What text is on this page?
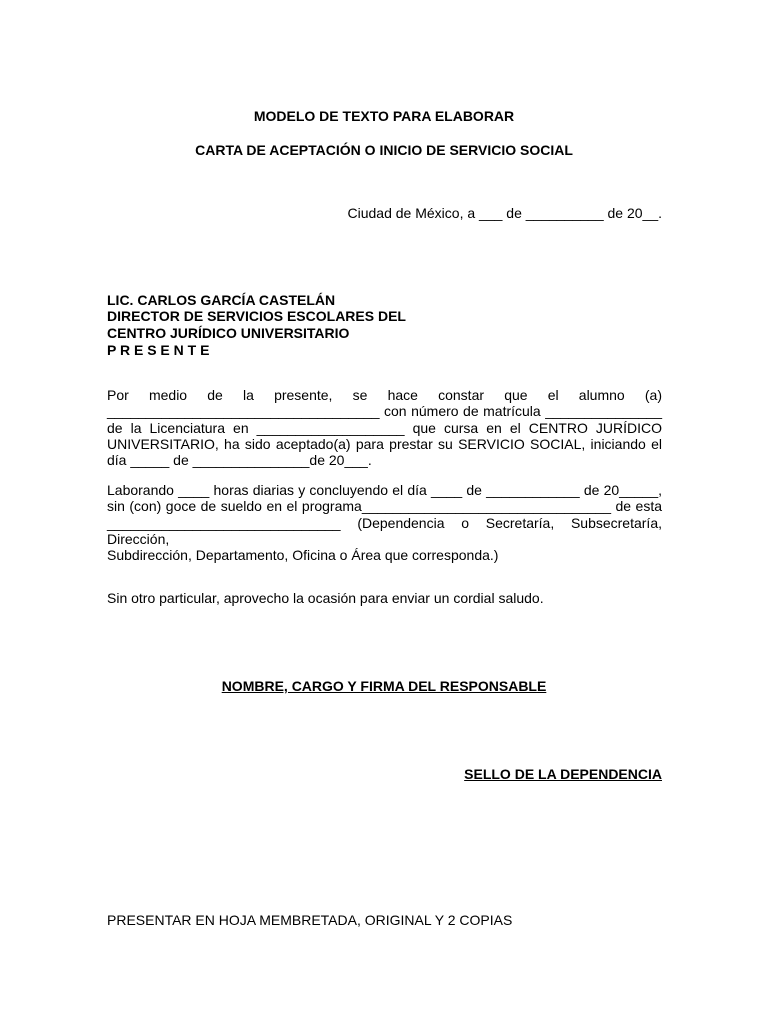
MODELO DE TEXTO PARA ELABORAR
CARTA DE ACEPTACIÓN O INICIO DE SERVICIO SOCIAL
Ciudad de México, a ___ de __________ de 20__.
LIC. CARLOS GARCÍA CASTELÁN
DIRECTOR DE SERVICIOS ESCOLARES DEL
CENTRO JURÍDICO UNIVERSITARIO
P R E S E N T E
Por medio de la presente, se hace constar que el alumno (a)
___________________________________ con número de matrícula _______________
de la Licenciatura en ___________________ que cursa en el CENTRO JURÍDICO
UNIVERSITARIO, ha sido aceptado(a) para prestar su SERVICIO SOCIAL, iniciando el
día _____ de _______________de 20___.
Laborando ____ horas diarias y concluyendo el día ____ de ____________ de 20_____,
sin (con) goce de sueldo en el programa________________________________ de esta
______________________________ (Dependencia o Secretaría, Subsecretaría, Dirección,
Subdirección, Departamento, Oficina o Área que corresponda.)
Sin otro particular, aprovecho la ocasión para enviar un cordial saludo.
NOMBRE, CARGO Y FIRMA DEL RESPONSABLE
SELLO DE LA DEPENDENCIA
PRESENTAR EN HOJA MEMBRETADA, ORIGINAL Y 2 COPIAS
